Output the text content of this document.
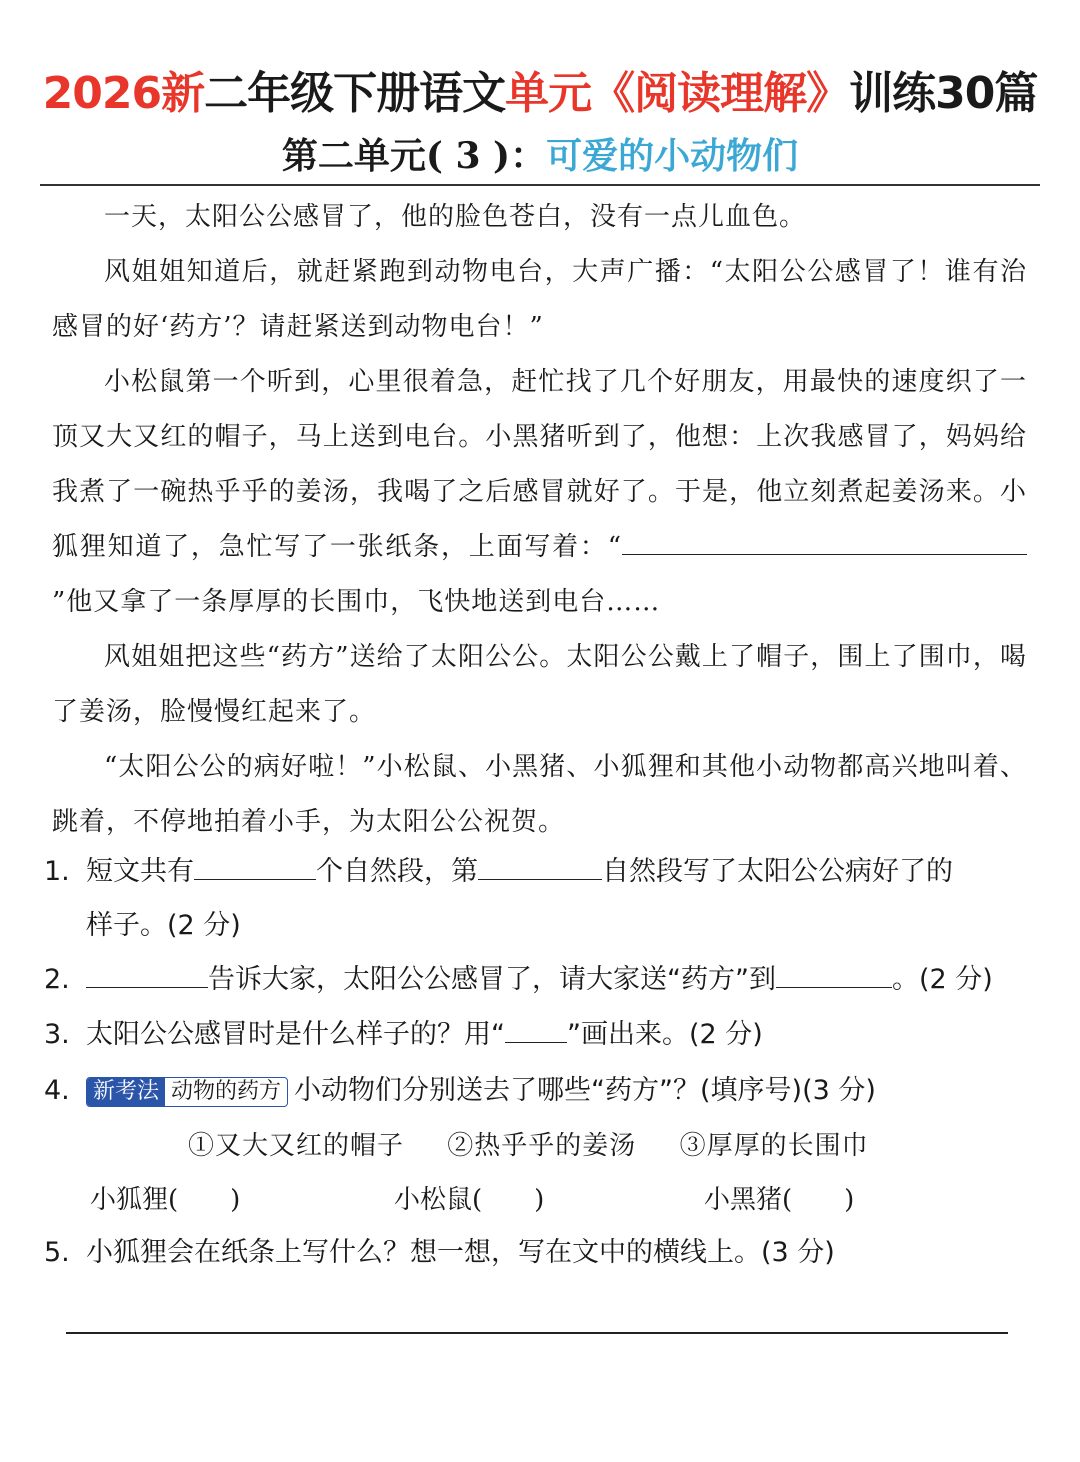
2026新二年级下册语文单元《阅读理解》训练30篇
第二单元( 3 )：可爱的小动物们

一天，太阳公公感冒了，他的脸色苍白，没有一点儿血色。

风姐姐知道后，就赶紧跑到动物电台，大声广播：“太阳公公感冒了！谁有治感冒的好‘药方’？请赶紧送到动物电台！”

小松鼠第一个听到，心里很着急，赶忙找了几个好朋友，用最快的速度织了一顶又大又红的帽子，马上送到电台。小黑猪听到了，他想：上次我感冒了，妈妈给我煮了一碗热乎乎的姜汤，我喝了之后感冒就好了。于是，他立刻煮起姜汤来。小狐狸知道了，急忙写了一张纸条，上面写着：“”他又拿了一条厚厚的长围巾，飞快地送到电台……

风姐姐把这些“药方”送给了太阳公公。太阳公公戴上了帽子，围上了围巾，喝了姜汤，脸慢慢红起来了。

“太阳公公的病好啦！”小松鼠、小黑猪、小狐狸和其他小动物都高兴地叫着、跳着，不停地拍着小手，为太阳公公祝贺。

1. 短文共有	个自然段，第	自然段写了太阳公公病好了的
样子。(2 分)
2.	告诉大家，太阳公公感冒了，请大家送“药方”到	。(2 分)
3. 太阳公公感冒时是什么样子的？用“ ”画出来。(2 分)
4. 新考法 动物的药方 小动物们分别送去了哪些“药方”？(填序号)(3 分)
①又大又红的帽子 ②热乎乎的姜汤 ③厚厚的长围巾
小狐狸(　　)	小松鼠(　　)	小黑猪(　　)
5. 小狐狸会在纸条上写什么？想一想，写在文中的横线上。(3 分)
